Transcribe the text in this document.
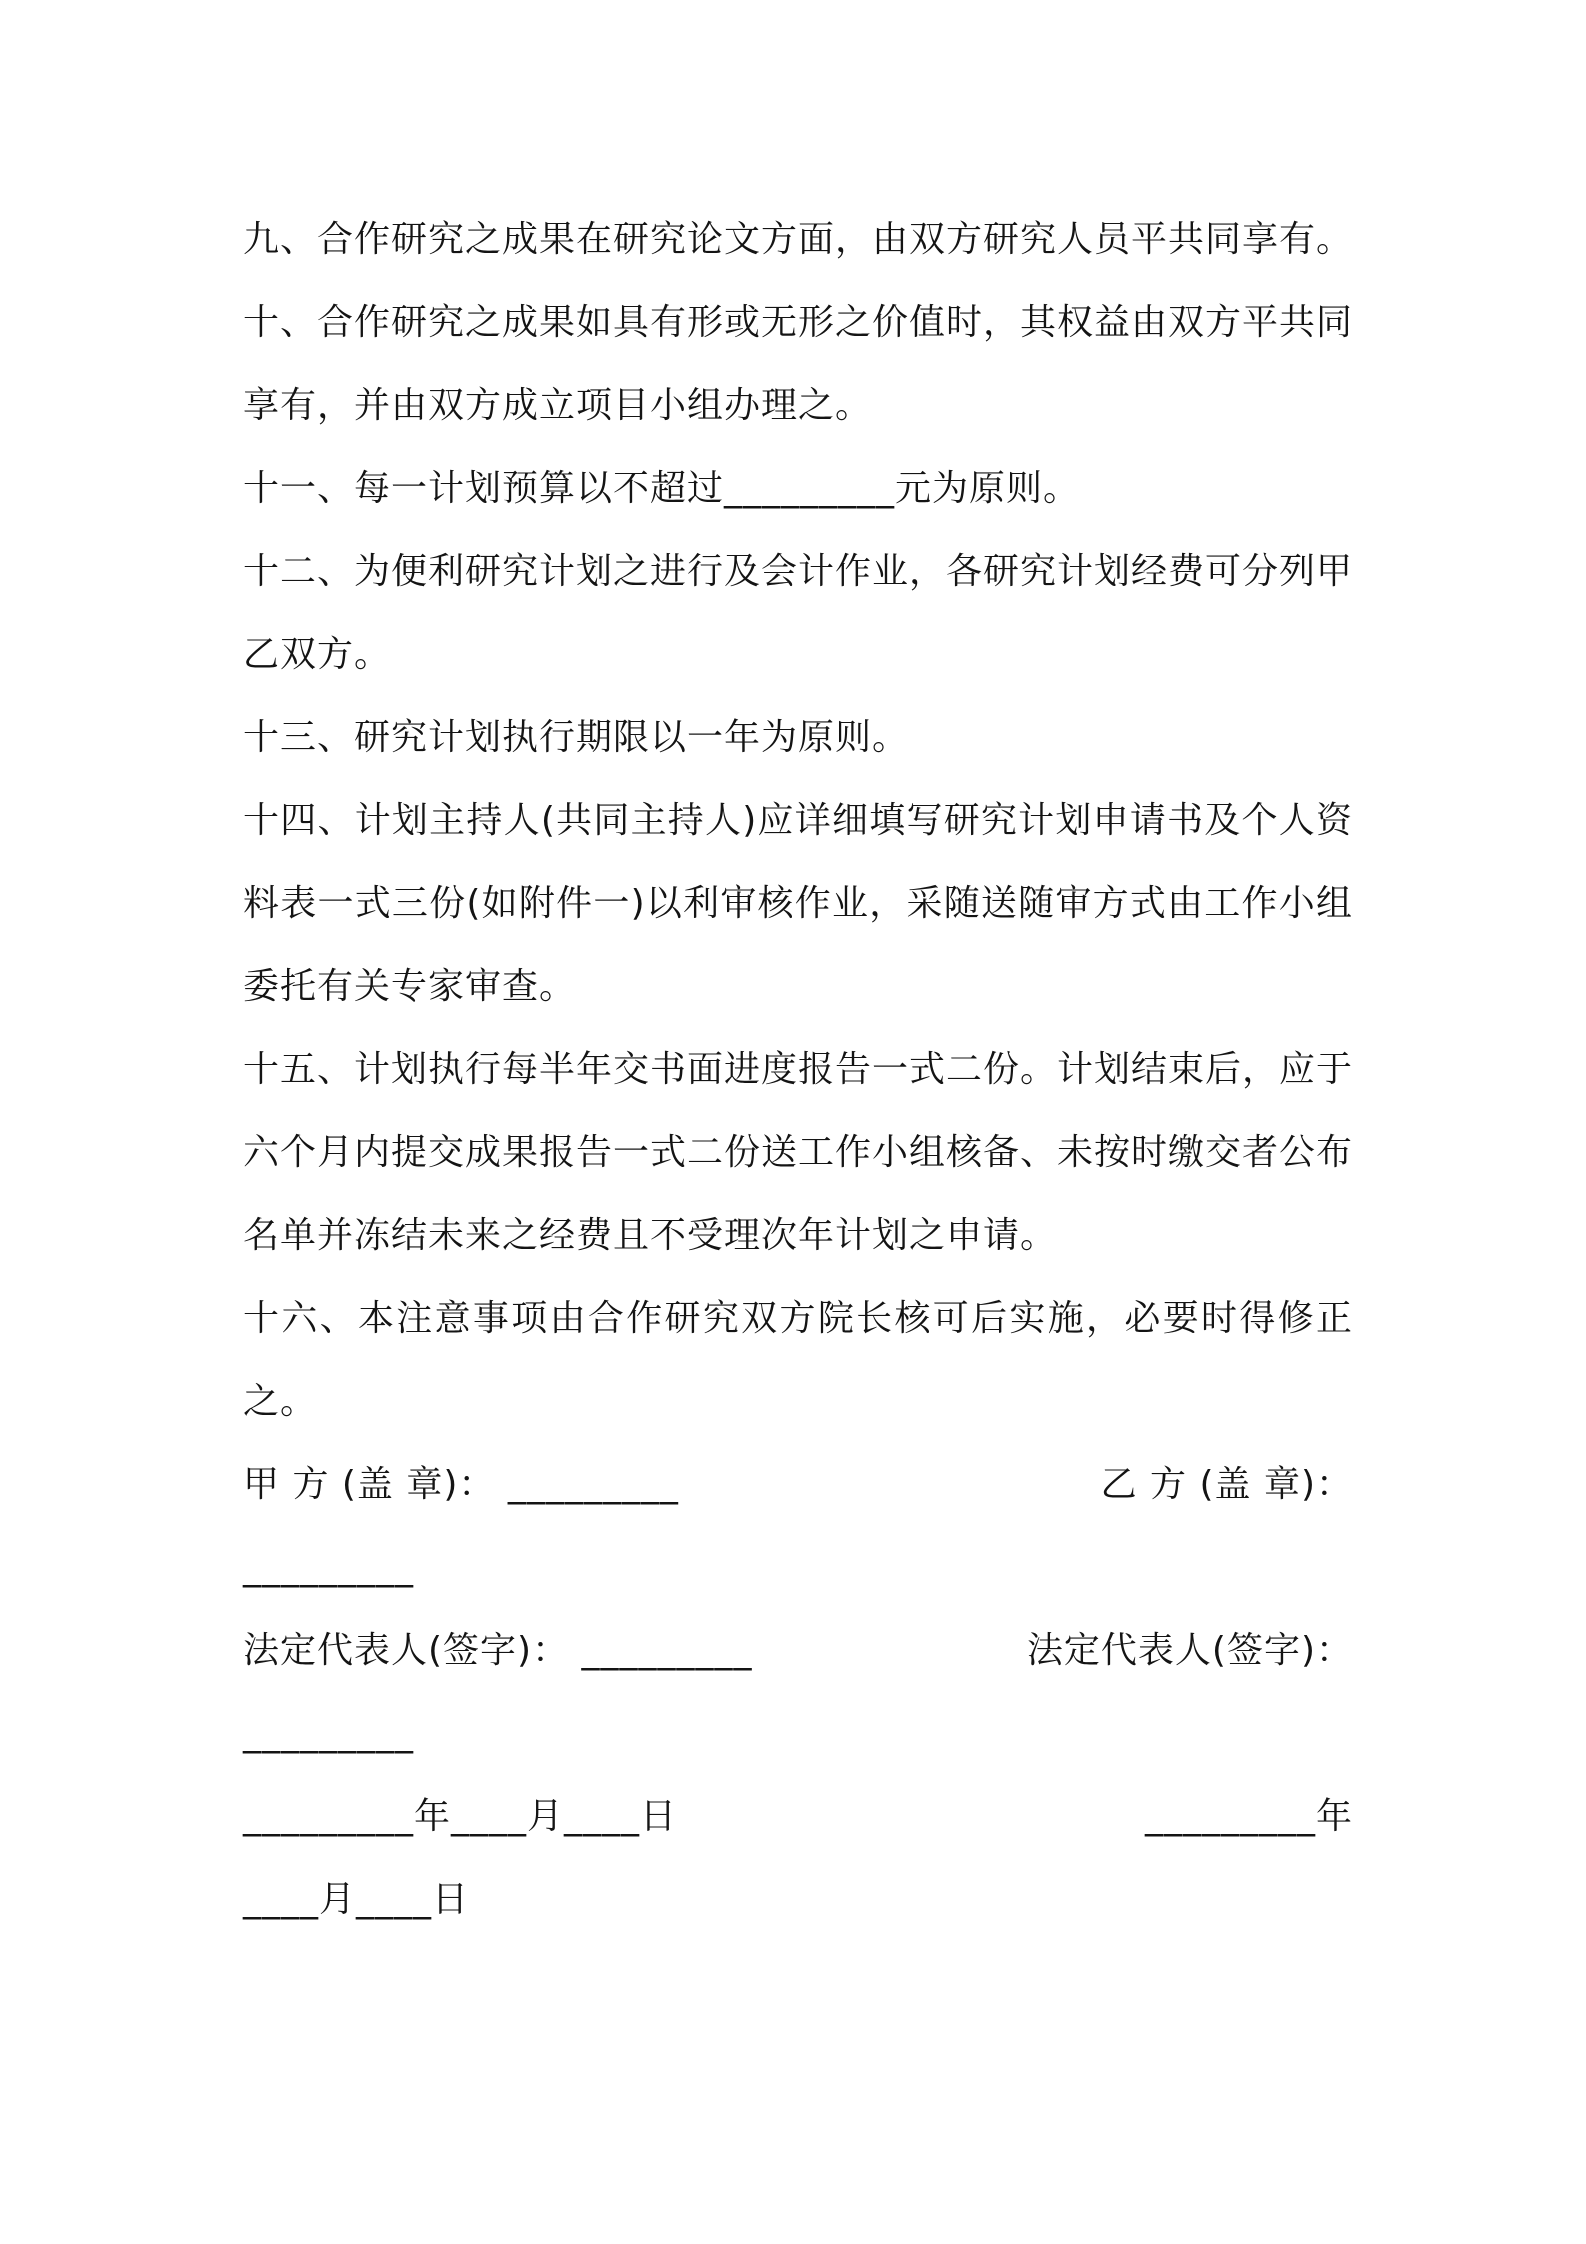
九、合作研究之成果在研究论文方面，由双方研究人员平共同享有。

十、合作研究之成果如具有形或无形之价值时，其权益由双方平共同享有，并由双方成立项目小组办理之。

十一、每一计划预算以不超过_________元为原则。

十二、为便利研究计划之进行及会计作业，各研究计划经费可分列甲乙双方。

十三、研究计划执行期限以一年为原则。

十四、计划主持人(共同主持人)应详细填写研究计划申请书及个人资料表一式三份(如附件一)以利审核作业，采随送随审方式由工作小组委托有关专家审查。

十五、计划执行每半年交书面进度报告一式二份。计划结束后，应于六个月内提交成果报告一式二份送工作小组核备、未按时缴交者公布名单并冻结未来之经费且不受理次年计划之申请。

十六、本注意事项由合作研究双方院长核可后实施，必要时得修正之。

甲 方 (盖 章)： _________	乙 方 (盖 章)：
_________
法定代表人(签字)： _________	法定代表人(签字)：
_________
_________年____月____日	_________年
____月____日
